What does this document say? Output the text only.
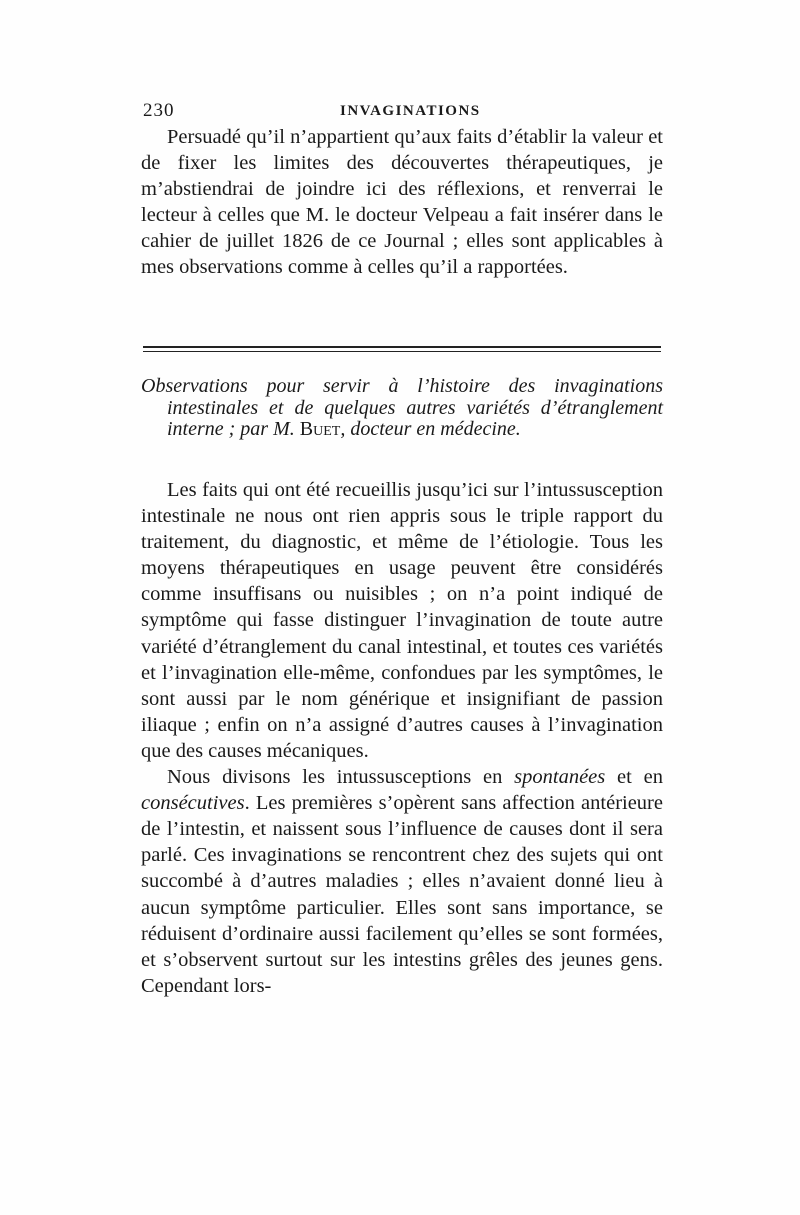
230	INVAGINATIONS

Persuadé qu’il n’appartient qu’aux faits d’établir la valeur et de fixer les limites des découvertes thérapeutiques, je m’abstiendrai de joindre ici des réflexions, et renverrai le lecteur à celles que M. le docteur Velpeau a fait insérer dans le cahier de juillet 1826 de ce Journal ; elles sont applicables à mes observations comme à celles qu’il a rapportées.

Observations pour servir à l’histoire des invaginations intestinales et de quelques autres variétés d’étranglement interne ; par M. Buet, docteur en médecine.

Les faits qui ont été recueillis jusqu’ici sur l’intussusception intestinale ne nous ont rien appris sous le triple rapport du traitement, du diagnostic, et même de l’étiologie. Tous les moyens thérapeutiques en usage peuvent être considérés comme insuffisans ou nuisibles ; on n’a point indiqué de symptôme qui fasse distinguer l’invagination de toute autre variété d’étranglement du canal intestinal, et toutes ces variétés et l’invagination elle-même, confondues par les symptômes, le sont aussi par le nom générique et insignifiant de passion iliaque ; enfin on n’a assigné d’autres causes à l’invagination que des causes mécaniques.

Nous divisons les intussusceptions en spontanées et en consécutives. Les premières s’opèrent sans affection antérieure de l’intestin, et naissent sous l’influence de causes dont il sera parlé. Ces invaginations se rencontrent chez des sujets qui ont succombé à d’autres maladies ; elles n’avaient donné lieu à aucun symptôme particulier. Elles sont sans importance, se réduisent d’ordinaire aussi facilement qu’elles se sont formées, et s’observent surtout sur les intestins grêles des jeunes gens. Cependant lors-
